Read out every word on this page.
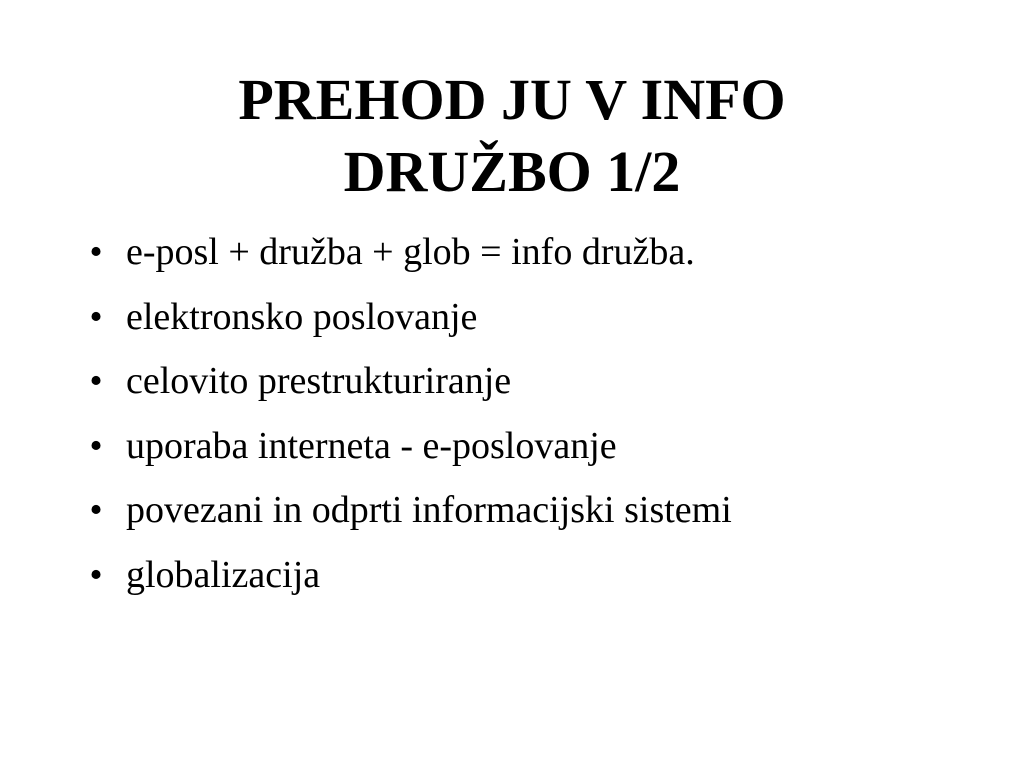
PREHOD JU V INFO
DRUŽBO 1/2
• e-posl + družba + glob = info družba.
• elektronsko poslovanje
• celovito prestrukturiranje
• uporaba interneta - e-poslovanje
• povezani in odprti informacijski sistemi
• globalizacija
